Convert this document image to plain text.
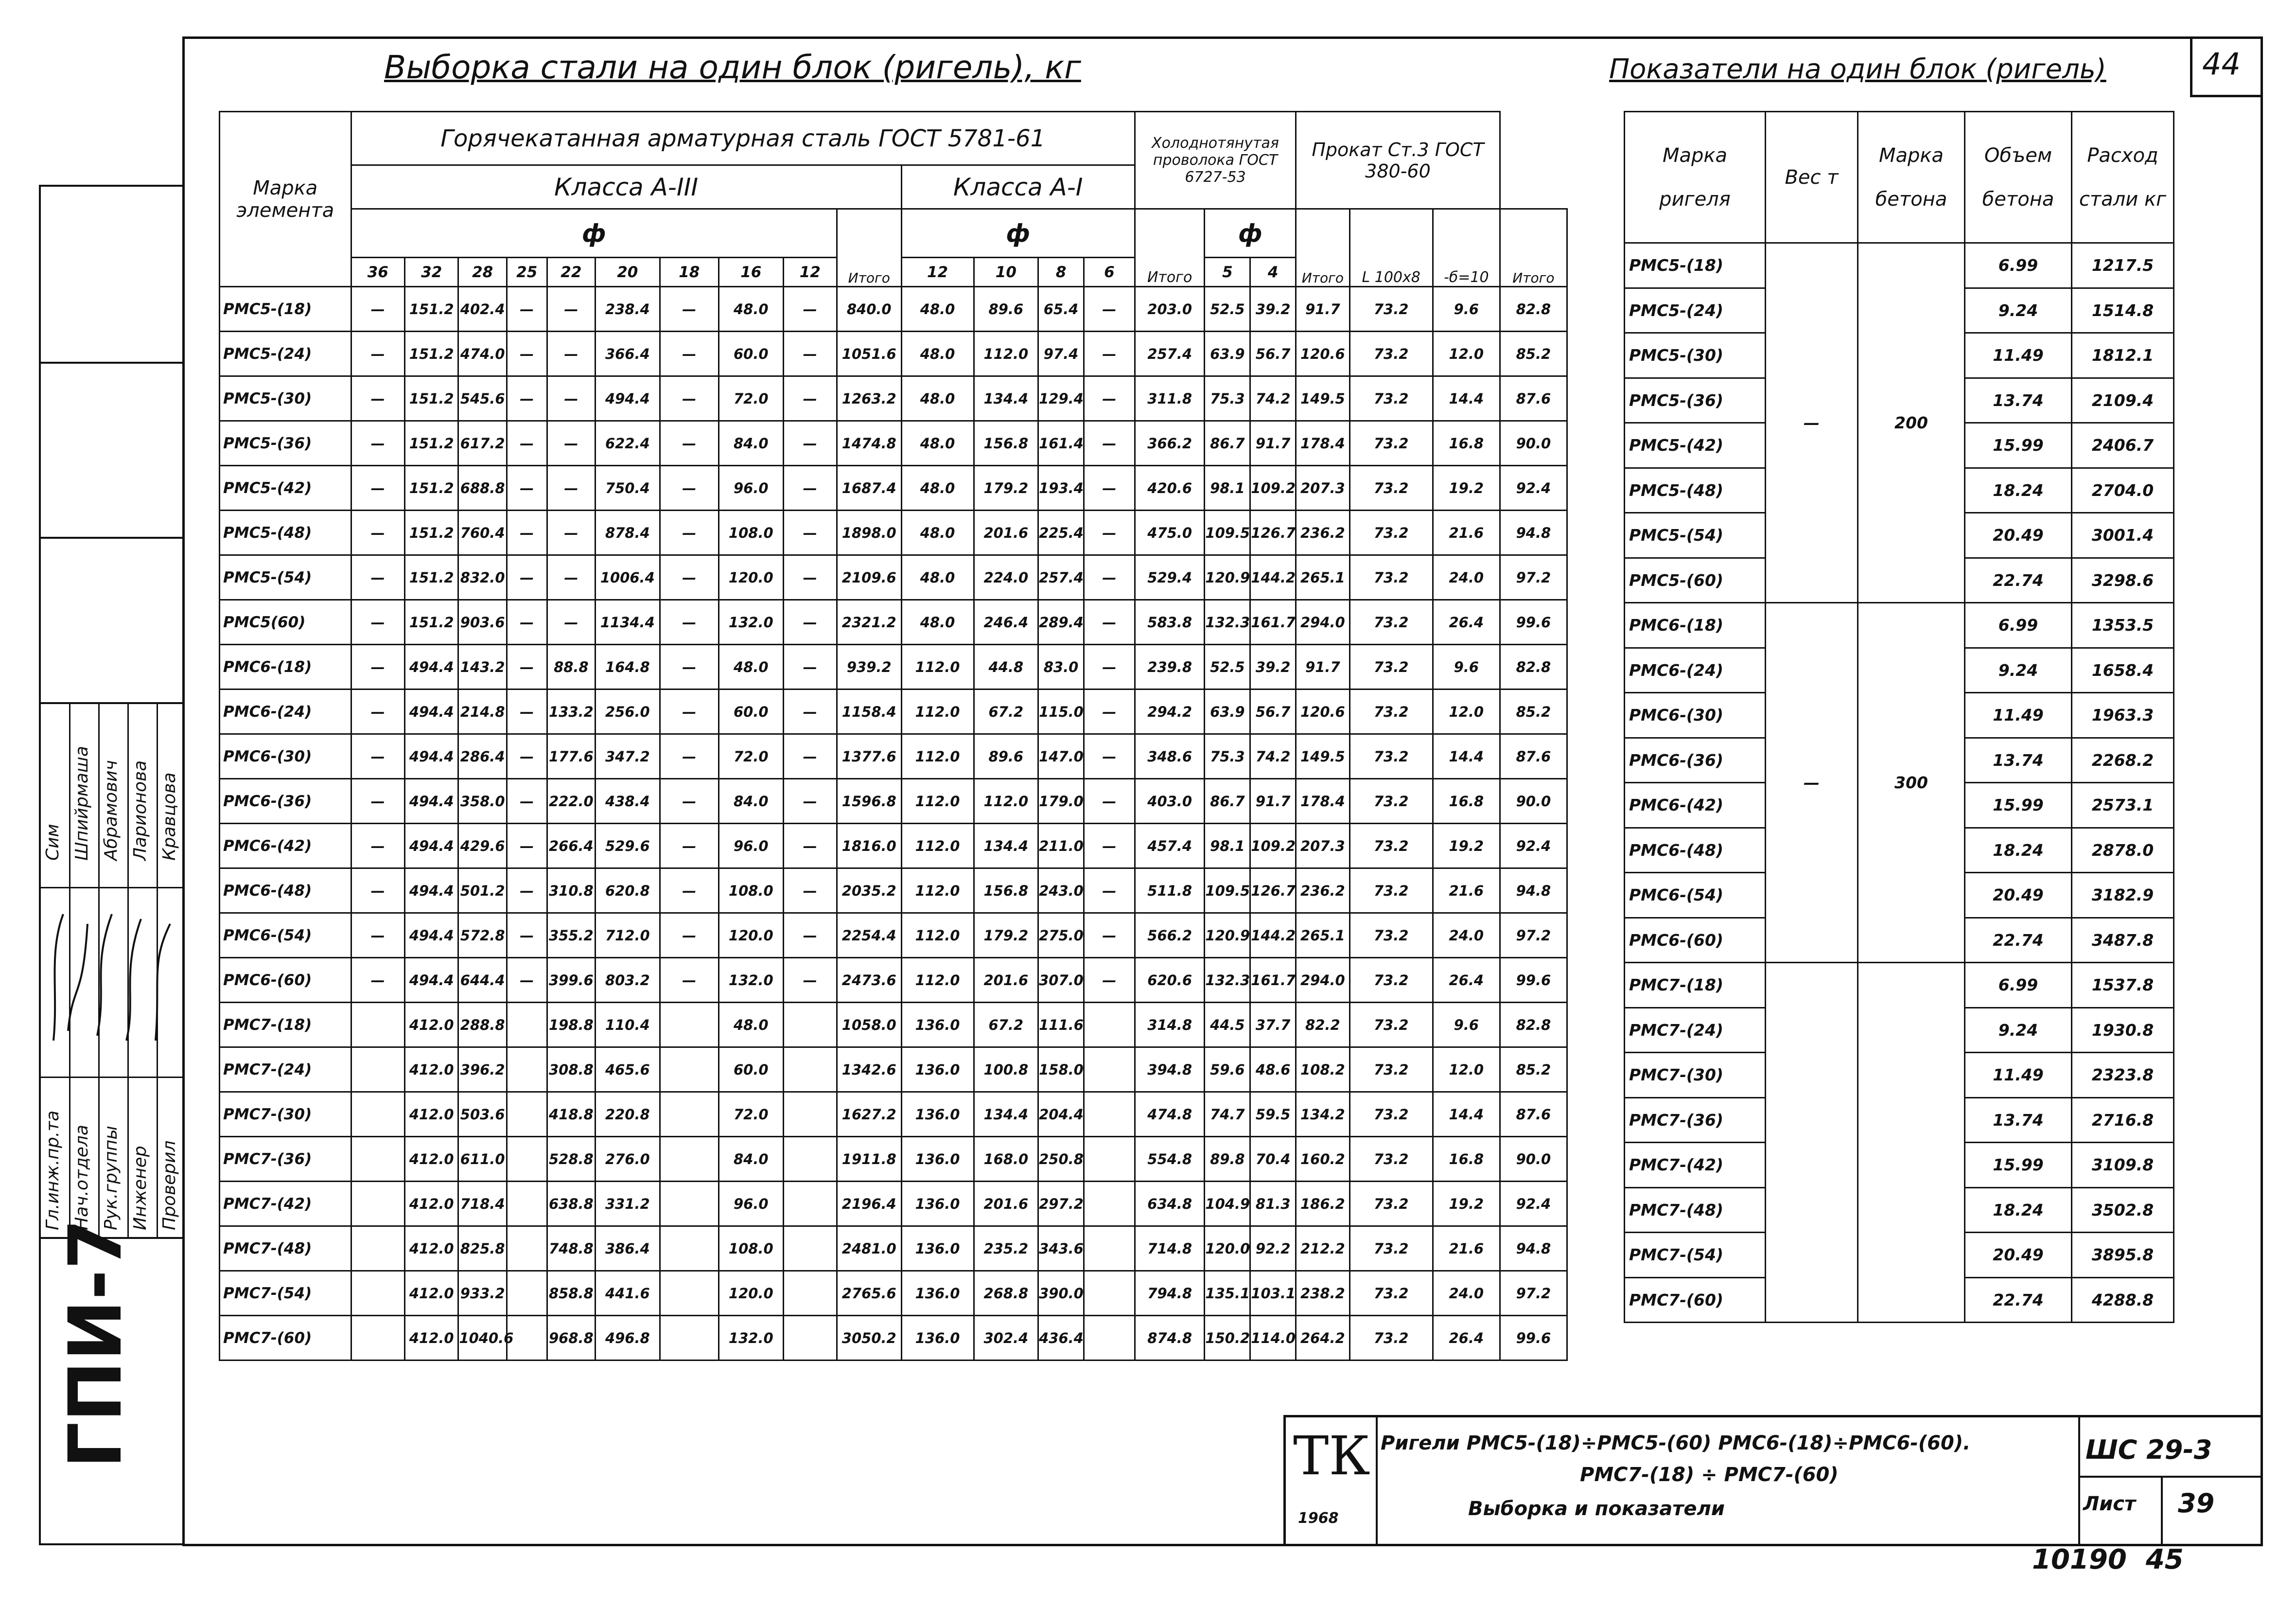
44
Гл.инж.пр.та Нач.отдела Рук.группы Инженер Проверил
Сим Шпийрмаша Абрамович Ларионова Кравцова
ГПИ-7
Выборка стали на один блок (ригель), кг	Показатели на один блок (ригель)
Марка элемента	Горячекатанная арматурная сталь ГОСТ 5781-61														Холоднотянутая проволока ГОСТ 6727-53			Прокат Ст.3 ГОСТ 380-60			
	Класса А-III										Класса А-I										
	ф									Итого	ф				Итого	ф		Итого	L 100x8	-б=10	Итого
	36	32	28	25	22	20	18	16	12		12	10	8	6		5	4				
РМС5-(18)	—	151.2	402.4	—	—	238.4	—	48.0	—	840.0	48.0	89.6	65.4	—	203.0	52.5	39.2	91.7	73.2	9.6	82.8
РМС5-(24)	—	151.2	474.0	—	—	366.4	—	60.0	—	1051.6	48.0	112.0	97.4	—	257.4	63.9	56.7	120.6	73.2	12.0	85.2
РМС5-(30)	—	151.2	545.6	—	—	494.4	—	72.0	—	1263.2	48.0	134.4	129.4	—	311.8	75.3	74.2	149.5	73.2	14.4	87.6
РМС5-(36)	—	151.2	617.2	—	—	622.4	—	84.0	—	1474.8	48.0	156.8	161.4	—	366.2	86.7	91.7	178.4	73.2	16.8	90.0
РМС5-(42)	—	151.2	688.8	—	—	750.4	—	96.0	—	1687.4	48.0	179.2	193.4	—	420.6	98.1	109.2	207.3	73.2	19.2	92.4
РМС5-(48)	—	151.2	760.4	—	—	878.4	—	108.0	—	1898.0	48.0	201.6	225.4	—	475.0	109.5	126.7	236.2	73.2	21.6	94.8
РМС5-(54)	—	151.2	832.0	—	—	1006.4	—	120.0	—	2109.6	48.0	224.0	257.4	—	529.4	120.9	144.2	265.1	73.2	24.0	97.2
РМС5(60)	—	151.2	903.6	—	—	1134.4	—	132.0	—	2321.2	48.0	246.4	289.4	—	583.8	132.3	161.7	294.0	73.2	26.4	99.6
РМС6-(18)	—	494.4	143.2	—	88.8	164.8	—	48.0	—	939.2	112.0	44.8	83.0	—	239.8	52.5	39.2	91.7	73.2	9.6	82.8
РМС6-(24)	—	494.4	214.8	—	133.2	256.0	—	60.0	—	1158.4	112.0	67.2	115.0	—	294.2	63.9	56.7	120.6	73.2	12.0	85.2
РМС6-(30)	—	494.4	286.4	—	177.6	347.2	—	72.0	—	1377.6	112.0	89.6	147.0	—	348.6	75.3	74.2	149.5	73.2	14.4	87.6
РМС6-(36)	—	494.4	358.0	—	222.0	438.4	—	84.0	—	1596.8	112.0	112.0	179.0	—	403.0	86.7	91.7	178.4	73.2	16.8	90.0
РМС6-(42)	—	494.4	429.6	—	266.4	529.6	—	96.0	—	1816.0	112.0	134.4	211.0	—	457.4	98.1	109.2	207.3	73.2	19.2	92.4
РМС6-(48)	—	494.4	501.2	—	310.8	620.8	—	108.0	—	2035.2	112.0	156.8	243.0	—	511.8	109.5	126.7	236.2	73.2	21.6	94.8
РМС6-(54)	—	494.4	572.8	—	355.2	712.0	—	120.0	—	2254.4	112.0	179.2	275.0	—	566.2	120.9	144.2	265.1	73.2	24.0	97.2
РМС6-(60)	—	494.4	644.4	—	399.6	803.2	—	132.0	—	2473.6	112.0	201.6	307.0	—	620.6	132.3	161.7	294.0	73.2	26.4	99.6
РМС7-(18)		412.0	288.8		198.8	110.4		48.0		1058.0	136.0	67.2	111.6		314.8	44.5	37.7	82.2	73.2	9.6	82.8
РМС7-(24)		412.0	396.2		308.8	465.6		60.0		1342.6	136.0	100.8	158.0		394.8	59.6	48.6	108.2	73.2	12.0	85.2
РМС7-(30)		412.0	503.6		418.8	220.8		72.0		1627.2	136.0	134.4	204.4		474.8	74.7	59.5	134.2	73.2	14.4	87.6
РМС7-(36)		412.0	611.0		528.8	276.0		84.0		1911.8	136.0	168.0	250.8		554.8	89.8	70.4	160.2	73.2	16.8	90.0
РМС7-(42)		412.0	718.4		638.8	331.2		96.0		2196.4	136.0	201.6	297.2		634.8	104.9	81.3	186.2	73.2	19.2	92.4
РМС7-(48)		412.0	825.8		748.8	386.4		108.0		2481.0	136.0	235.2	343.6		714.8	120.0	92.2	212.2	73.2	21.6	94.8
РМС7-(54)		412.0	933.2		858.8	441.6		120.0		2765.6	136.0	268.8	390.0		794.8	135.1	103.1	238.2	73.2	24.0	97.2
РМС7-(60)		412.0	1040.6		968.8	496.8		132.0		3050.2	136.0	302.4	436.4		874.8	150.2	114.0	264.2	73.2	26.4	99.6
Марка ригеля	Вес т	Марка бетона	Объем бетона	Расход стали кг
РМС5-(18)	—	200	6.99	1217.5
РМС5-(24)			9.24	1514.8
РМС5-(30)			11.49	1812.1
РМС5-(36)			13.74	2109.4
РМС5-(42)			15.99	2406.7
РМС5-(48)			18.24	2704.0
РМС5-(54)			20.49	3001.4
РМС5-(60)			22.74	3298.6
РМС6-(18)	—	300	6.99	1353.5
РМС6-(24)			9.24	1658.4
РМС6-(30)			11.49	1963.3
РМС6-(36)			13.74	2268.2
РМС6-(42)			15.99	2573.1
РМС6-(48)			18.24	2878.0
РМС6-(54)			20.49	3182.9
РМС6-(60)			22.74	3487.8
РМС7-(18)			6.99	1537.8
РМС7-(24)			9.24	1930.8
РМС7-(30)			11.49	2323.8
РМС7-(36)			13.74	2716.8
РМС7-(42)			15.99	3109.8
РМС7-(48)			18.24	3502.8
РМС7-(54)			20.49	3895.8
РМС7-(60)			22.74	4288.8
ТК
1968
Ригели РМС5-(18)÷РМС5-(60) РМС6-(18)÷РМС6-(60).
РМС7-(18) ÷ РМС7-(60)
Выборка и показатели
ШС 29-3
Лист 39
10190  45
